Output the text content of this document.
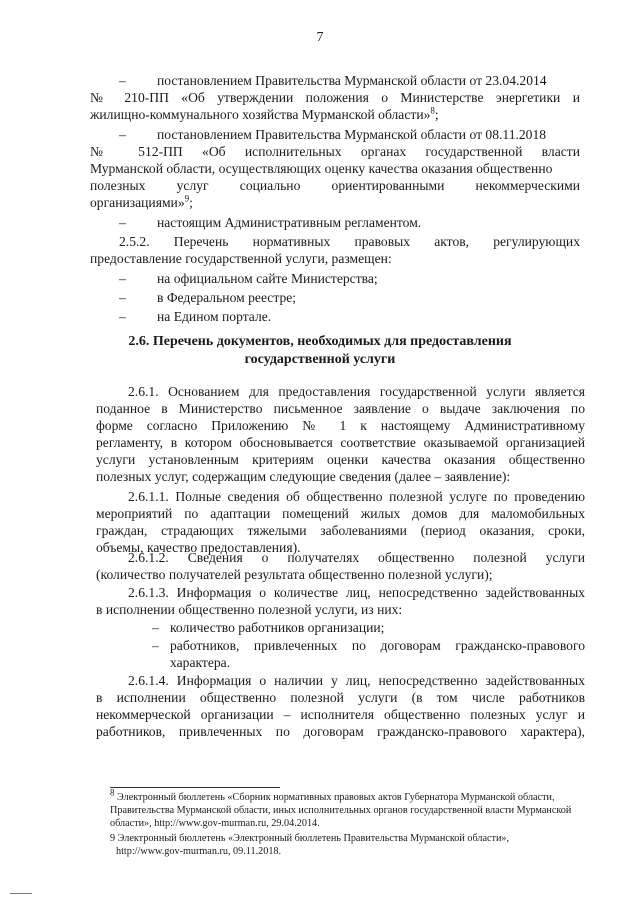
7
– постановлением Правительства Мурманской области от 23.04.2014
№ 210-ПП «Об утверждении положения о Министерстве энергетики и
жилищно-коммунального хозяйства Мурманской области»$^8$;
– постановлением Правительства Мурманской области от 08.11.2018
№ 512-ПП «Об исполнительных органах государственной власти
Мурманской области, осуществляющих оценку качества оказания общественно
полезных услуг социально ориентированными некоммерческими
организациями»$^9$;
– настоящим Административным регламентом.
2.5.2. Перечень нормативных правовых актов, регулирующих
предоставление государственной услуги, размещен:
– на официальном сайте Министерства;
– в Федеральном реестре;
– на Едином портале.
2.6. Перечень документов, необходимых для предоставления
государственной услуги
2.6.1. Основанием для предоставления государственной услуги является
поданное в Министерство письменное заявление о выдаче заключения по
форме согласно Приложению № 1 к настоящему Административному
регламенту, в котором обосновывается соответствие оказываемой организацией
услуги установленным критериям оценки качества оказания общественно
полезных услуг, содержащим следующие сведения (далее – заявление):
2.6.1.1. Полные сведения об общественно полезной услуге по проведению
мероприятий по адаптации помещений жилых домов для маломобильных
граждан, страдающих тяжелыми заболеваниями (период оказания, сроки,
объемы, качество предоставления).
2.6.1.2. Сведения о получателях общественно полезной услуги
(количество получателей результата общественно полезной услуги);
2.6.1.3. Информация о количестве лиц, непосредственно задействованных
в исполнении общественно полезной услуги, из них:
– количество работников организации;
– работников, привлеченных по договорам гражданско-правового
характера.
2.6.1.4. Информация о наличии у лиц, непосредственно задействованных
в исполнении общественно полезной услуги (в том числе работников
некоммерческой организации – исполнителя общественно полезных услуг и
работников, привлеченных по договорам гражданско-правового характера),
$^8$ Электронный бюллетень «Сборник нормативных правовых актов Губернатора Мурманской области,
Правительства Мурманской области, иных исполнительных органов государственной власти Мурманской
области», http://www.gov-murman.ru, 29.04.2014.
9 Электронный бюллетень «Электронный бюллетень Правительства Мурманской области»,
http://www.gov-murman.ru, 09.11.2018.
